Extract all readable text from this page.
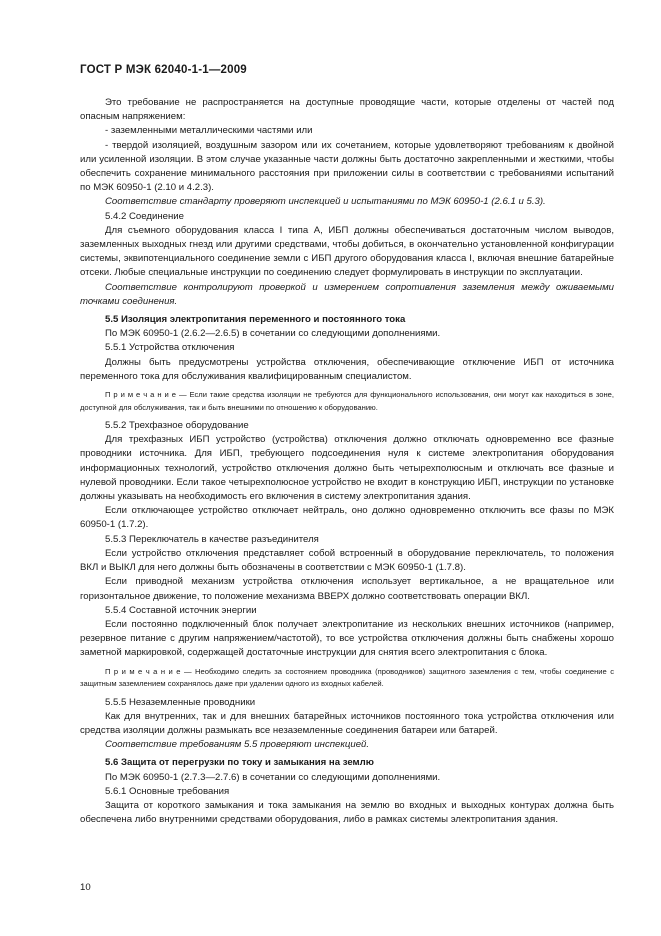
ГОСТ Р МЭК 62040-1-1—2009

Это требование не распространяется на доступные проводящие части, которые отделены от частей под опасным напряжением:

- заземленными металлическими частями или

- твердой изоляцией, воздушным зазором или их сочетанием, которые удовлетворяют требованиям к двойной или усиленной изоляции. В этом случае указанные части должны быть достаточно закрепленными и жесткими, чтобы обеспечить сохранение минимального расстояния при приложении силы в соответствии с требованиями испытаний по МЭК 60950-1 (2.10 и 4.2.3).

Соответствие стандарту проверяют инспекцией и испытаниями по МЭК 60950-1 (2.6.1 и 5.3).

5.4.2 Соединение

Для съемного оборудования класса I типа А, ИБП должны обеспечиваться достаточным числом выводов, заземленных выходных гнезд или другими средствами, чтобы добиться, в окончательно установленной конфигурации системы, эквипотенциального соединение земли с ИБП другого оборудования класса I, включая внешние батарейные отсеки. Любые специальные инструкции по соединению следует формулировать в инструкции по эксплуатации.

Соответствие контролируют проверкой и измерением сопротивления заземления между оживаемыми точками соединения.

5.5 Изоляция электропитания переменного и постоянного тока

По МЭК 60950-1 (2.6.2—2.6.5) в сочетании со следующими дополнениями.

5.5.1 Устройства отключения

Должны быть предусмотрены устройства отключения, обеспечивающие отключение ИБП от источника переменного тока для обслуживания квалифицированным специалистом.

П р и м е ч а н и е — Если такие средства изоляции не требуются для функционального использования, они могут как находиться в зоне, доступной для обслуживания, так и быть внешними по отношению к оборудованию.

5.5.2 Трехфазное оборудование

Для трехфазных ИБП устройство (устройства) отключения должно отключать одновременно все фазные проводники источника. Для ИБП, требующего подсоединения нуля к системе электропитания оборудования информационных технологий, устройство отключения должно быть четырехполюсным и отключать все фазные и нулевой проводники. Если такое четырехполюсное устройство не входит в конструкцию ИБП, инструкции по установке должны указывать на необходимость его включения в систему электропитания здания.

Если отключающее устройство отключает нейтраль, оно должно одновременно отключить все фазы по МЭК 60950-1 (1.7.2).

5.5.3 Переключатель в качестве разъединителя

Если устройство отключения представляет собой встроенный в оборудование переключатель, то положения ВКЛ и ВЫКЛ для него должны быть обозначены в соответствии с МЭК 60950-1 (1.7.8).

Если приводной механизм устройства отключения использует вертикальное, а не вращательное или горизонтальное движение, то положение механизма ВВЕРХ должно соответствовать операции ВКЛ.

5.5.4 Составной источник энергии

Если постоянно подключенный блок получает электропитание из нескольких внешних источников (например, резервное питание с другим напряжением/частотой), то все устройства отключения должны быть снабжены хорошо заметной маркировкой, содержащей достаточные инструкции для снятия всего электропитания с блока.

П р и м е ч а н и е — Необходимо следить за состоянием проводника (проводников) защитного заземления с тем, чтобы соединение с защитным заземлением сохранялось даже при удалении одного из входных кабелей.

5.5.5 Незаземленные проводники

Как для внутренних, так и для внешних батарейных источников постоянного тока устройства отключения или средства изоляции должны размыкать все незаземленные соединения батареи или батарей.

Соответствие требованиям 5.5 проверяют инспекцией.

5.6 Защита от перегрузки по току и замыкания на землю

По МЭК 60950-1 (2.7.3—2.7.6) в сочетании со следующими дополнениями.

5.6.1 Основные требования

Защита от короткого замыкания и тока замыкания на землю во входных и выходных контурах должна быть обеспечена либо внутренними средствами оборудования, либо в рамках системы электропитания здания.

10
